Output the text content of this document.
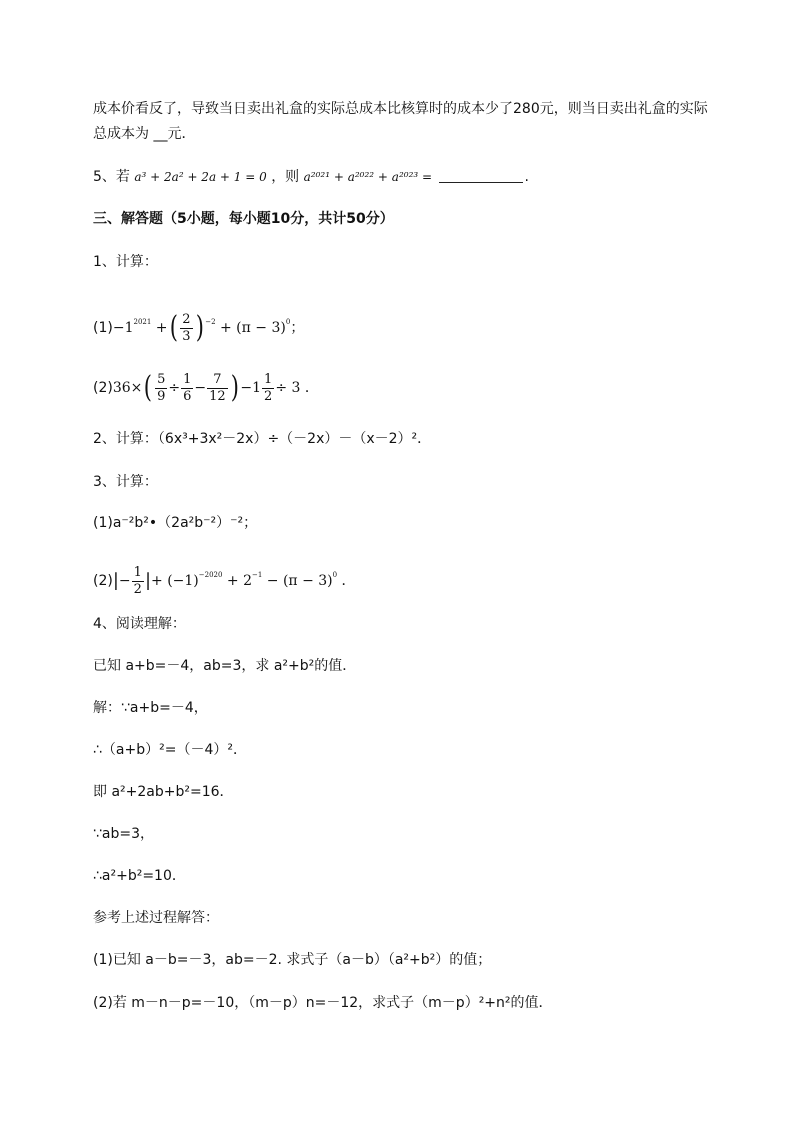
成本价看反了，导致当日卖出礼盒的实际总成本比核算时的成本少了280元，则当日卖出礼盒的实际
总成本为 __元．
5、若 a³ + 2a² + 2a + 1 = 0 ，则 a²⁰²¹ + a²⁰²² + a²⁰²³ =	.
三、解答题（5小题，每小题10分，共计50分）
1、计算：
$(1)-1^{2021}$ +( $\frac{2}{3}$ ) $^{-2} + (\pi - 3)^0$；
$(2)36\times( \frac{5}{9} \div \frac{1}{6} - \frac{7}{12}$ ) $-1 \frac{1}{2} \div 3$ ．
2、计算：（6x³+3x²－2x）÷（－2x）－（x－2）²．
3、计算：
(1)a⁻²b²•（2a²b⁻²）⁻²；
$(2)|- \frac{1}{2}$ |+ $(-1)^{-2020} + 2^{-1} - (\pi - 3)^0$ ．
4、阅读理解：
已知 a+b=－4，ab=3，求 a²+b²的值．
解：∵a+b=－4，
∴（a+b）²=（－4）²．
即 a²+2ab+b²=16．
∵ab=3，
∴a²+b²=10．
参考上述过程解答：
(1)已知 a－b=－3，ab=－2. 求式子（a－b）（a²+b²）的值；
(2)若 m－n－p=－10，（m－p）n=－12，求式子（m－p）²+n²的值．
